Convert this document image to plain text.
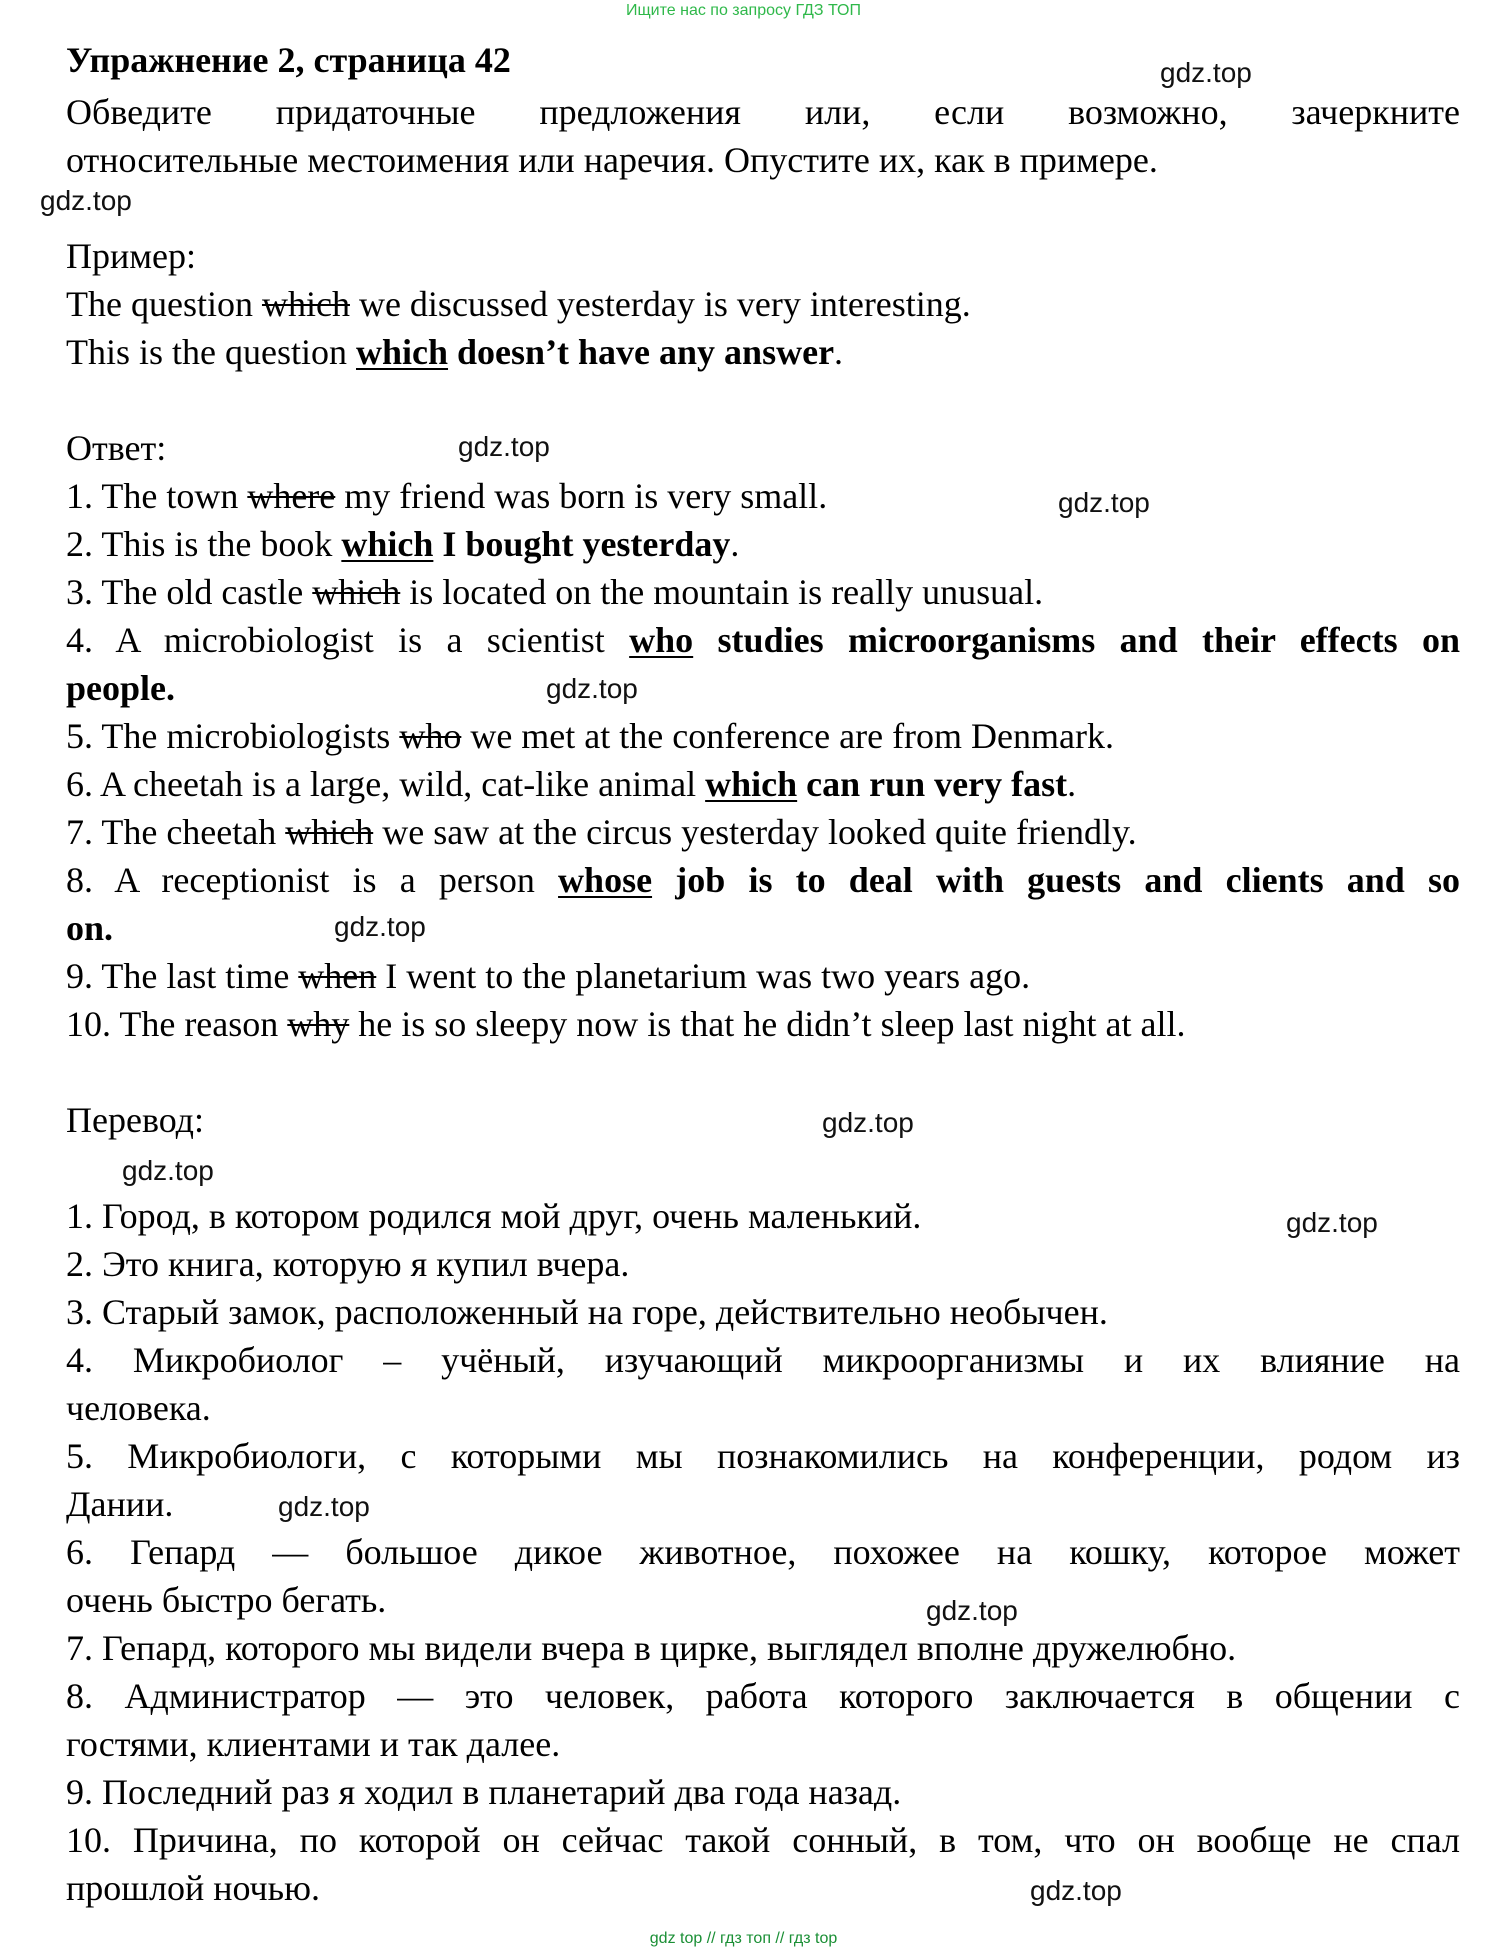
Ищите нас по запросу ГДЗ ТОП
Упражнение 2, страница 42
Обведите придаточные предложения или, если возможно, зачеркните
относительные местоимения или наречия. Опустите их, как в примере.
Пример:
The question which we discussed yesterday is very interesting.
This is the question which doesn’t have any answer.
Ответ:
1. The town where my friend was born is very small.
2. This is the book which I bought yesterday.
3. The old castle which is located on the mountain is really unusual.
4. A microbiologist is a scientist who studies microorganisms and their effects on
people.
5. The microbiologists who we met at the conference are from Denmark.
6. A cheetah is a large, wild, cat-like animal which can run very fast.
7. The cheetah which we saw at the circus yesterday looked quite friendly.
8. A receptionist is a person whose job is to deal with guests and clients and so
on.
9. The last time when I went to the planetarium was two years ago.
10. The reason why he is so sleepy now is that he didn’t sleep last night at all.
Перевод:
1. Город, в котором родился мой друг, очень маленький.
2. Это книга, которую я купил вчера.
3. Старый замок, расположенный на горе, действительно необычен.
4. Микробиолог – учёный, изучающий микроорганизмы и их влияние на
человека.
5. Микробиологи, с которыми мы познакомились на конференции, родом из
Дании.
6. Гепард — большое дикое животное, похожее на кошку, которое может
очень быстро бегать.
7. Гепард, которого мы видели вчера в цирке, выглядел вполне дружелюбно.
8. Администратор — это человек, работа которого заключается в общении с
гостями, клиентами и так далее.
9. Последний раз я ходил в планетарий два года назад.
10. Причина, по которой он сейчас такой сонный, в том, что он вообще не спал
прошлой ночью.
gdz.top
gdz.top
gdz.top
gdz.top
gdz.top
gdz.top
gdz.top
gdz.top
gdz.top
gdz.top
gdz.top
gdz.top
gdz top // гдз топ // гдз top
